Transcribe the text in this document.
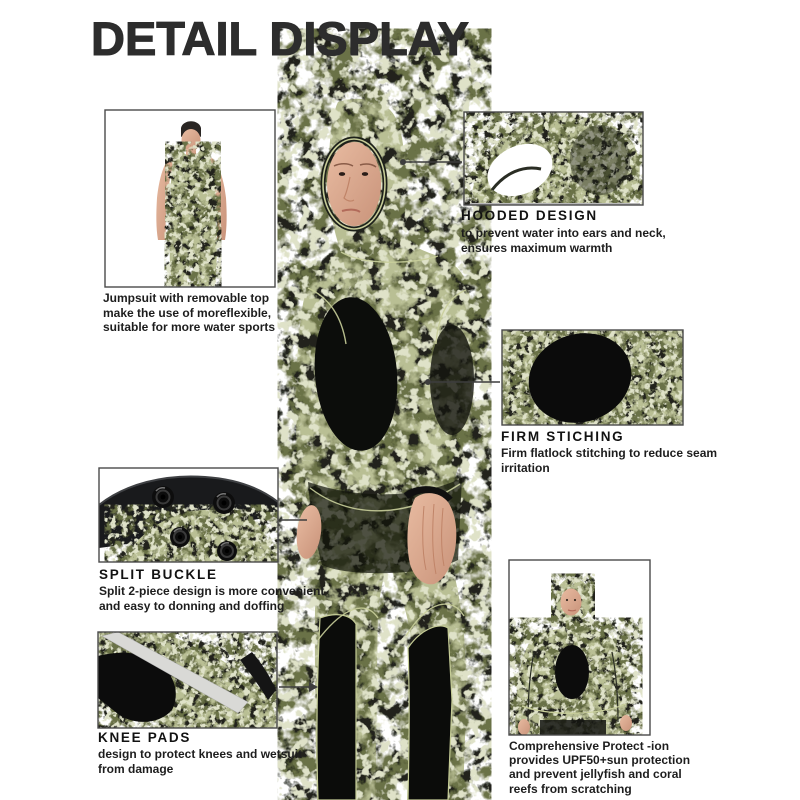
DETAIL DISPLAY
Jumpsuit with removable top
make the use of moreflexible,
suitable for more water sports
HOODED DESIGN
to prevent water into ears and neck,
ensures maximum warmth
FIRM STICHING
Firm flatlock stitching to reduce seam
irritation
SPLIT BUCKLE
Split 2-piece design is more convenient
and easy to donning and doffing
KNEE PADS
design to protect knees and wetsuit
from damage
Comprehensive Protect -ion
provides UPF50+sun protection
and prevent jellyfish and coral
reefs from scratching
